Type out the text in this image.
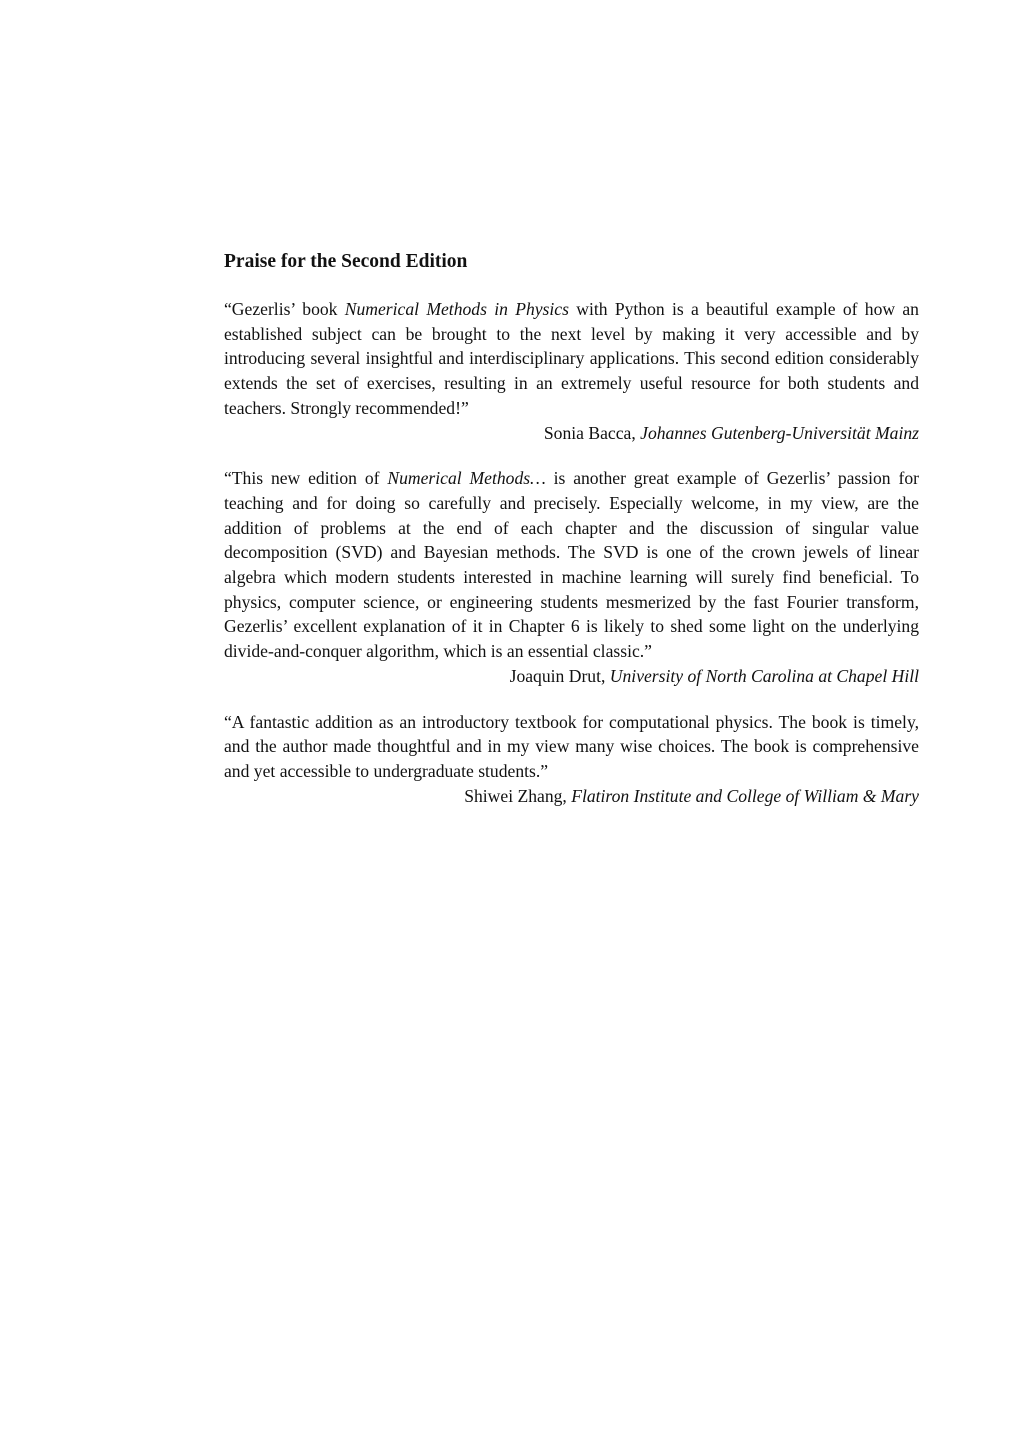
Praise for the Second Edition

“Gezerlis’ book Numerical Methods in Physics with Python is a beautiful example of how an established subject can be brought to the next level by making it very accessible and by introducing several insightful and interdisciplinary applications. This second edition considerably extends the set of exercises, resulting in an extremely useful resource for both students and teachers. Strongly recommended!”

Sonia Bacca, Johannes Gutenberg-Universität Mainz

“This new edition of Numerical Methods… is another great example of Gezerlis’ passion for teaching and for doing so carefully and precisely. Especially welcome, in my view, are the addition of problems at the end of each chapter and the discussion of singular value decomposition (SVD) and Bayesian methods. The SVD is one of the crown jewels of linear algebra which modern students interested in machine learning will surely find beneficial. To physics, computer science, or engineering students mesmerized by the fast Fourier transform, Gezerlis’ excellent explanation of it in Chapter 6 is likely to shed some light on the underlying divide-and-conquer algorithm, which is an essential classic.”

Joaquin Drut, University of North Carolina at Chapel Hill

“A fantastic addition as an introductory textbook for computational physics. The book is timely, and the author made thoughtful and in my view many wise choices. The book is comprehensive and yet accessible to undergraduate students.”

Shiwei Zhang, Flatiron Institute and College of William & Mary
